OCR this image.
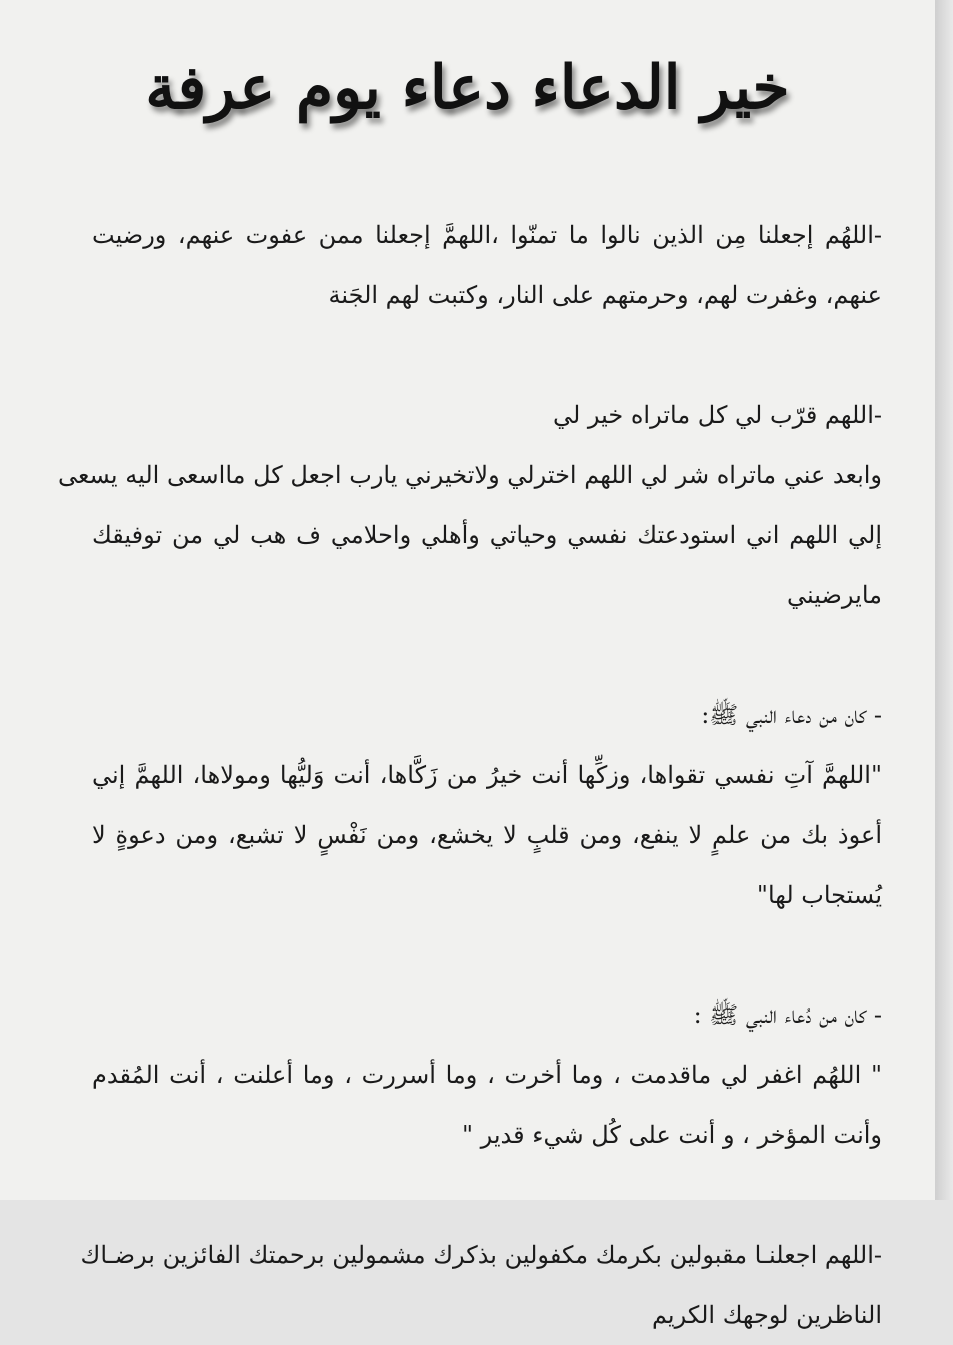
خير الدعاء دعاء يوم عرفة
-اللهُم إجعلنا مِن الذين نالوا ما تمنّوا ،اللهمَّ إجعلنا ممن عفوت عنهم، ورضيت
عنهم، وغفرت لهم، وحرمتهم على النار، وكتبت لهم الجَنة
-اللهم قرّب لي كل ماتراه خير لي
وابعد عني ماتراه شر لي اللهم اخترلي ولاتخيرني يارب اجعل كل مااسعى اليه يسعى
إلي اللهم اني استودعتك نفسي وحياتي وأهلي واحلامي ف هب لي من توفيقك
مايرضيني
- كان من دعاء النبي ﷺ:
"اللهمَّ آتِ نفسي تقواها، وزكِّها أنت خيرُ من زَكَّاها، أنت وَليُّها ومولاها، اللهمَّ إني
أعوذ بك من علمٍ لا ينفع، ومن قلبٍ لا يخشع، ومن نَفْسٍ لا تشبع، ومن دعوةٍ لا
يُستجاب لها"
- كان من دُعاء النبي ﷺ :
" اللهُم اغفر لي ماقدمت ، وما أخرت ، وما أسررت ، وما أعلنت ، أنت المُقدم
وأنت المؤخر ، و أنت على كُل شيء قدير "
-اللهم اجعلنـا مقبولين بكرمك مكفولين بذكرك مشمولين برحمتك الفائزين برضـاك
الناظرين لوجهك الكريم
